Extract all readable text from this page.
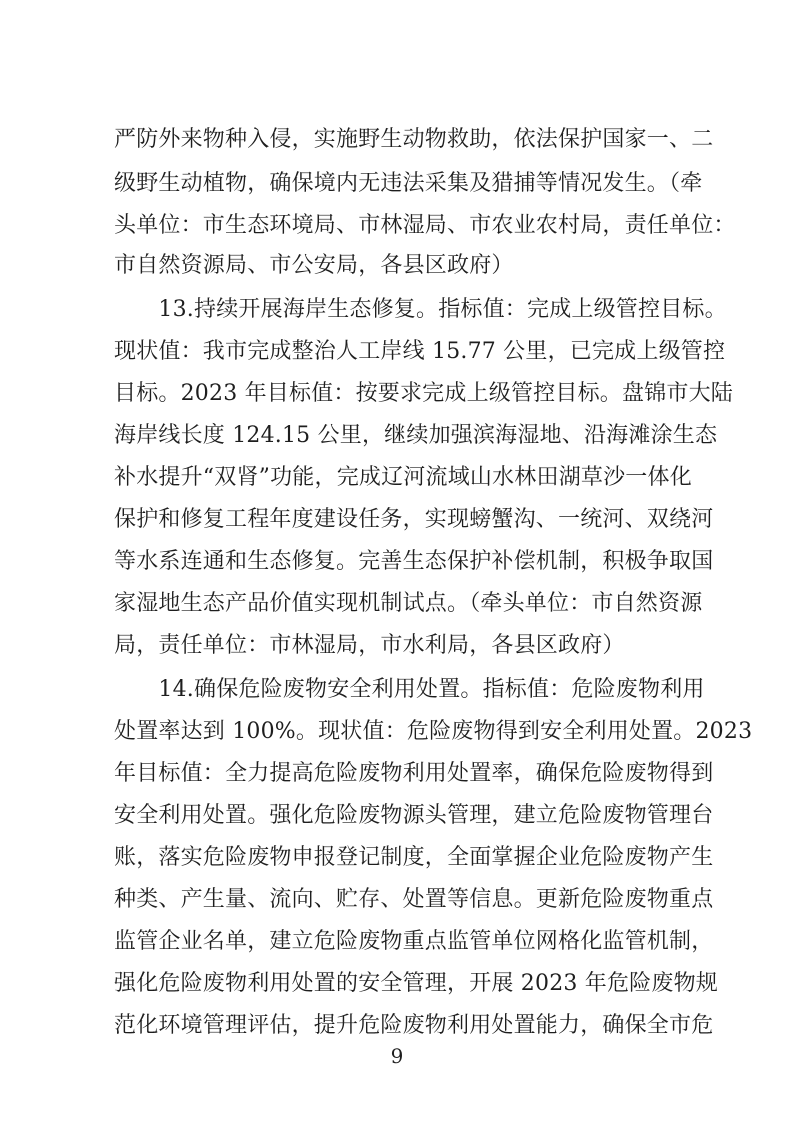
严防外来物种入侵，实施野生动物救助，依法保护国家一、二
级野生动植物，确保境内无违法采集及猎捕等情况发生。（牵
头单位：市生态环境局、市林湿局、市农业农村局，责任单位：
市自然资源局、市公安局，各县区政府）
　　13.持续开展海岸生态修复。指标值：完成上级管控目标。
现状值：我市完成整治人工岸线 15.77 公里，已完成上级管控
目标。2023 年目标值：按要求完成上级管控目标。盘锦市大陆
海岸线长度 124.15 公里，继续加强滨海湿地、沿海滩涂生态
补水提升“双肾”功能，完成辽河流域山水林田湖草沙一体化
保护和修复工程年度建设任务，实现螃蟹沟、一统河、双绕河
等水系连通和生态修复。完善生态保护补偿机制，积极争取国
家湿地生态产品价值实现机制试点。（牵头单位：市自然资源
局，责任单位：市林湿局，市水利局，各县区政府）
　　14.确保危险废物安全利用处置。指标值：危险废物利用
处置率达到 100%。现状值：危险废物得到安全利用处置。2023
年目标值：全力提高危险废物利用处置率，确保危险废物得到
安全利用处置。强化危险废物源头管理，建立危险废物管理台
账，落实危险废物申报登记制度，全面掌握企业危险废物产生
种类、产生量、流向、贮存、处置等信息。更新危险废物重点
监管企业名单，建立危险废物重点监管单位网格化监管机制，
强化危险废物利用处置的安全管理，开展 2023 年危险废物规
范化环境管理评估，提升危险废物利用处置能力，确保全市危
9
